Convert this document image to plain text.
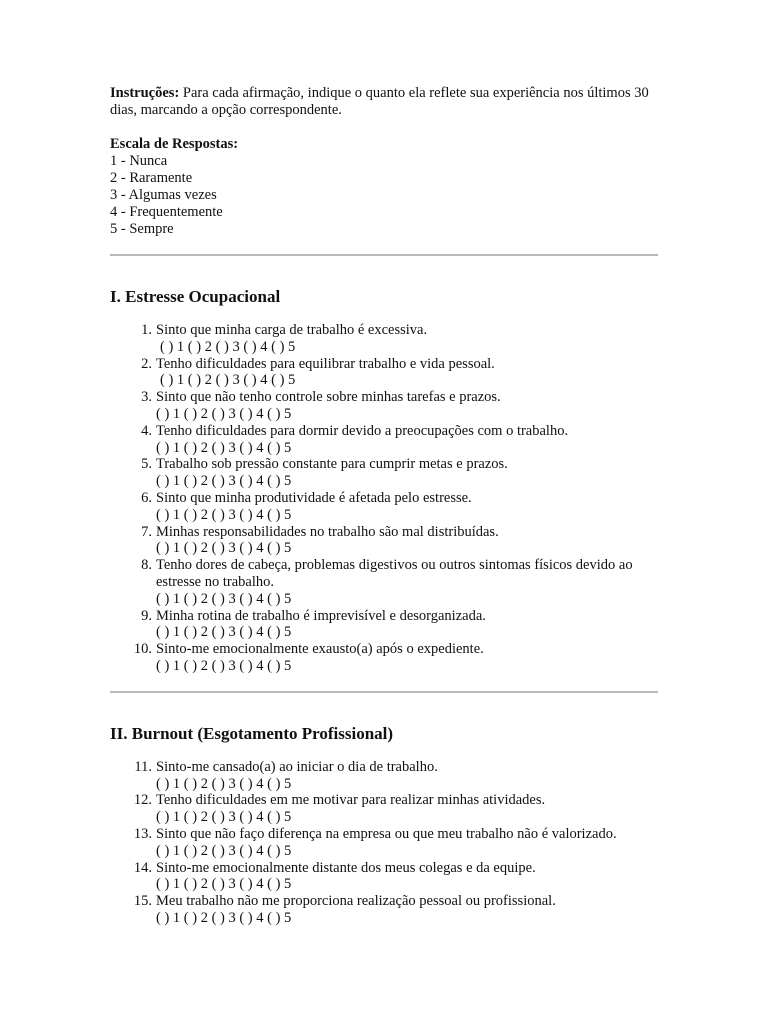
Instruções: Para cada afirmação, indique o quanto ela reflete sua experiência nos últimos 30 dias, marcando a opção correspondente.

Escala de Respostas:

1 - Nunca

2 - Raramente

3 - Algumas vezes

4 - Frequentemente

5 - Sempre

I. Estresse Ocupacional
1. Sinto que minha carga de trabalho é excessiva.
( ) 1 ( ) 2 ( ) 3 ( ) 4 ( ) 5
2. Tenho dificuldades para equilibrar trabalho e vida pessoal.
( ) 1 ( ) 2 ( ) 3 ( ) 4 ( ) 5
3. Sinto que não tenho controle sobre minhas tarefas e prazos.
( ) 1 ( ) 2 ( ) 3 ( ) 4 ( ) 5
4. Tenho dificuldades para dormir devido a preocupações com o trabalho.
( ) 1 ( ) 2 ( ) 3 ( ) 4 ( ) 5
5. Trabalho sob pressão constante para cumprir metas e prazos.
( ) 1 ( ) 2 ( ) 3 ( ) 4 ( ) 5
6. Sinto que minha produtividade é afetada pelo estresse.
( ) 1 ( ) 2 ( ) 3 ( ) 4 ( ) 5
7. Minhas responsabilidades no trabalho são mal distribuídas.
( ) 1 ( ) 2 ( ) 3 ( ) 4 ( ) 5
8. Tenho dores de cabeça, problemas digestivos ou outros sintomas físicos devido ao estresse no trabalho.
( ) 1 ( ) 2 ( ) 3 ( ) 4 ( ) 5
9. Minha rotina de trabalho é imprevisível e desorganizada.
( ) 1 ( ) 2 ( ) 3 ( ) 4 ( ) 5
10. Sinto-me emocionalmente exausto(a) após o expediente.
( ) 1 ( ) 2 ( ) 3 ( ) 4 ( ) 5
II. Burnout (Esgotamento Profissional)
11. Sinto-me cansado(a) ao iniciar o dia de trabalho.
( ) 1 ( ) 2 ( ) 3 ( ) 4 ( ) 5
12. Tenho dificuldades em me motivar para realizar minhas atividades.
( ) 1 ( ) 2 ( ) 3 ( ) 4 ( ) 5
13. Sinto que não faço diferença na empresa ou que meu trabalho não é valorizado.
( ) 1 ( ) 2 ( ) 3 ( ) 4 ( ) 5
14. Sinto-me emocionalmente distante dos meus colegas e da equipe.
( ) 1 ( ) 2 ( ) 3 ( ) 4 ( ) 5
15. Meu trabalho não me proporciona realização pessoal ou profissional.
( ) 1 ( ) 2 ( ) 3 ( ) 4 ( ) 5
